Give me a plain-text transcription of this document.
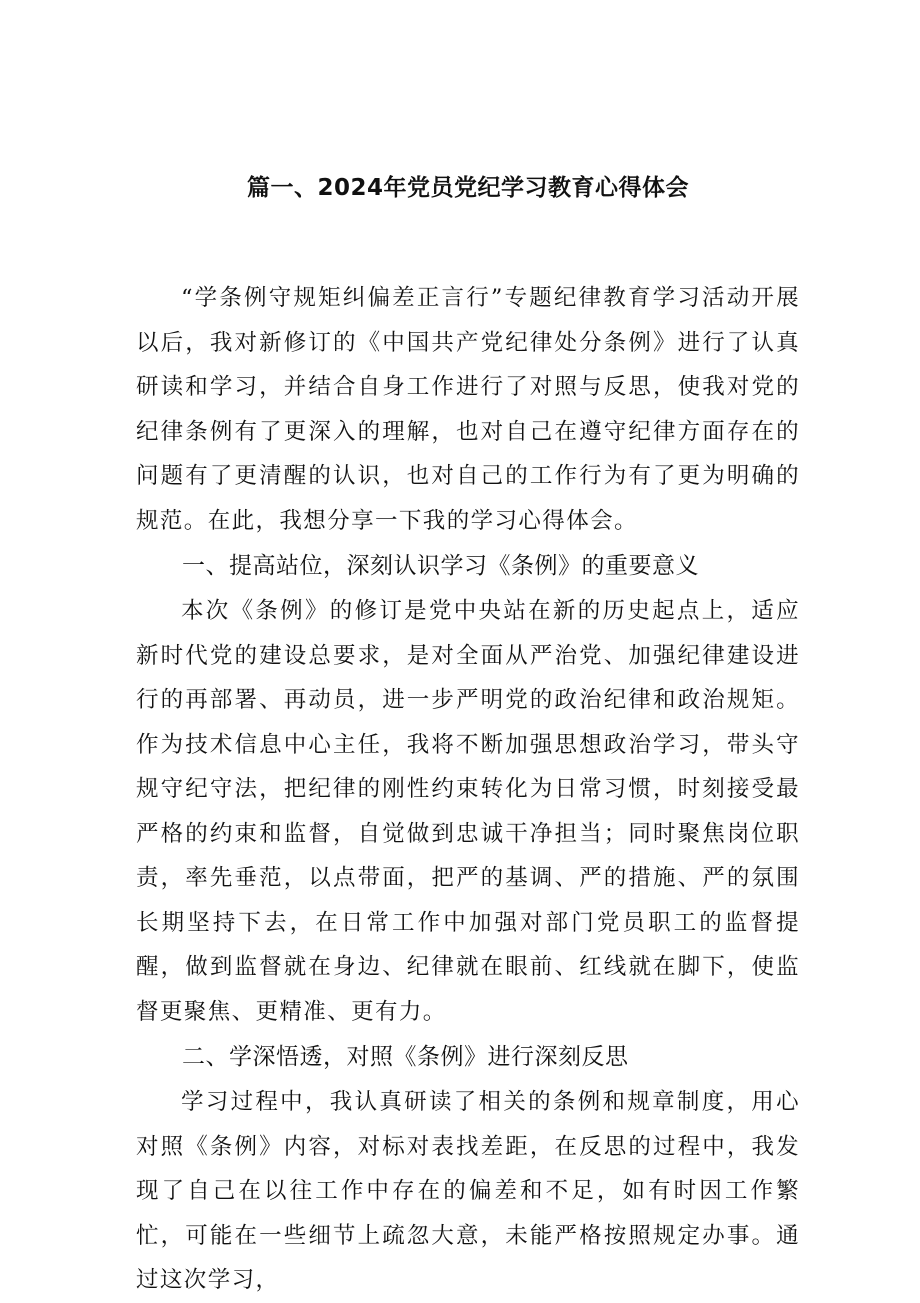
篇一、2024年党员党纪学习教育心得体会

“学条例守规矩纠偏差正言行”专题纪律教育学习活动开展以后，我对新修订的《中国共产党纪律处分条例》进行了认真研读和学习，并结合自身工作进行了对照与反思，使我对党的纪律条例有了更深入的理解，也对自己在遵守纪律方面存在的问题有了更清醒的认识，也对自己的工作行为有了更为明确的规范。在此，我想分享一下我的学习心得体会。

一、提高站位，深刻认识学习《条例》的重要意义

本次《条例》的修订是党中央站在新的历史起点上，适应新时代党的建设总要求，是对全面从严治党、加强纪律建设进行的再部署、再动员，进一步严明党的政治纪律和政治规矩。作为技术信息中心主任，我将不断加强思想政治学习，带头守规守纪守法，把纪律的刚性约束转化为日常习惯，时刻接受最严格的约束和监督，自觉做到忠诚干净担当；同时聚焦岗位职责，率先垂范，以点带面，把严的基调、严的措施、严的氛围长期坚持下去，在日常工作中加强对部门党员职工的监督提醒，做到监督就在身边、纪律就在眼前、红线就在脚下，使监督更聚焦、更精准、更有力。

二、学深悟透，对照《条例》进行深刻反思

学习过程中，我认真研读了相关的条例和规章制度，用心对照《条例》内容，对标对表找差距，在反思的过程中，我发现了自己在以往工作中存在的偏差和不足，如有时因工作繁忙，可能在一些细节上疏忽大意，未能严格按照规定办事。通过这次学习，
